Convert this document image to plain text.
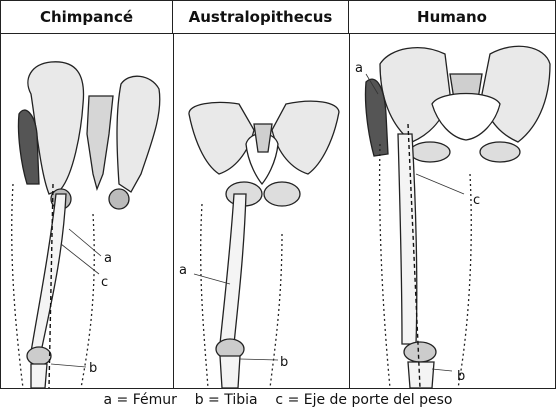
Chimpancé	Australopithecus	Humano
a
c
b
a
b
a
c
b
a = Fémur b = Tibia c = Eje de porte del peso
